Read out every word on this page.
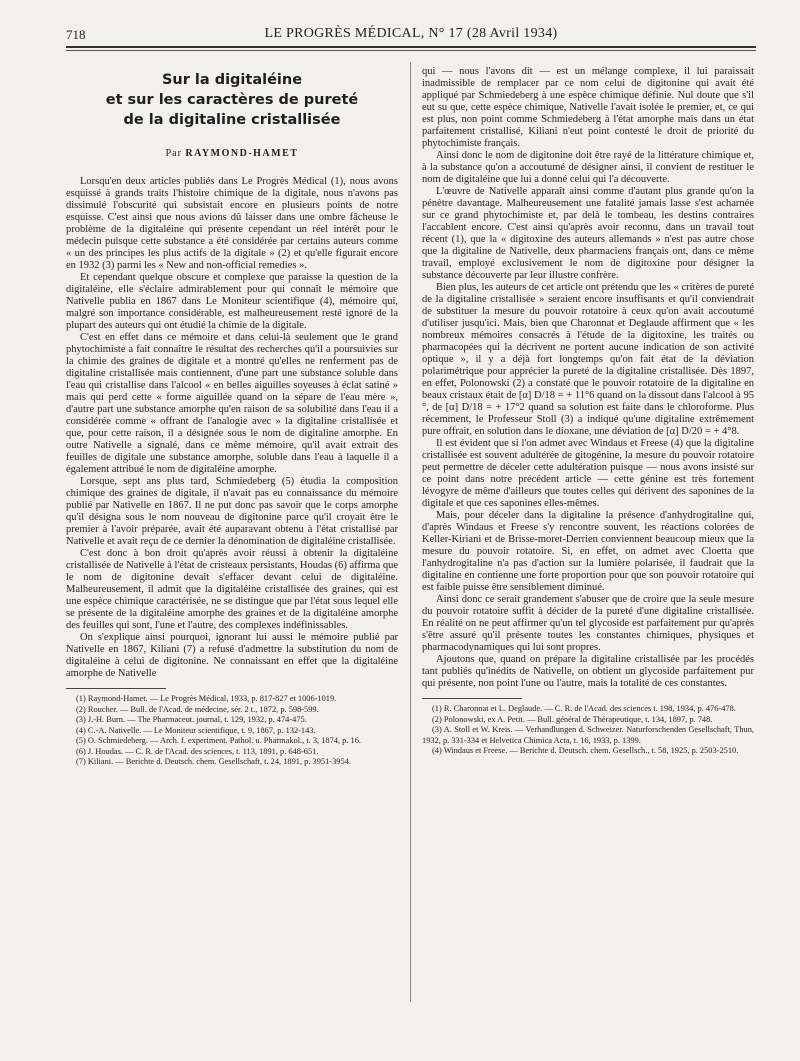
718	LE PROGRÈS MÉDICAL, N° 17 (28 Avril 1934)
Sur la digitaléine
et sur les caractères de pureté
de la digitaline cristallisée
Par RAYMOND-HAMET

Lorsqu'en deux articles publiés dans Le Progrès Médical (1), nous avons esquissé à grands traits l'histoire chimique de la digitale, nous n'avons pas dissimulé l'obscurité qui subsistait encore en plusieurs points de notre esquisse. C'est ainsi que nous avions dû laisser dans une ombre fâcheuse le problème de la digitaléine qui présente cependant un réel intérêt pour le médecin puisque cette substance a été considérée par certains auteurs comme « un des principes les plus actifs de la digitale » (2) et qu'elle figurait encore en 1932 (3) parmi les « New and non-official remedies ».

Et cependant quelque obscure et complexe que paraisse la question de la digitaléine, elle s'éclaire admirablement pour qui connaît le mémoire que Nativelle publia en 1867 dans Le Moniteur scientifique (4), mémoire qui, malgré son importance considérable, est malheureusement resté ignoré de la plupart des auteurs qui ont étudié la chimie de la digitale.

C'est en effet dans ce mémoire et dans celui-là seulement que le grand phytochimiste a fait connaître le résultat des recherches qu'il a poursuivies sur la chimie des graines de digitale et a montré qu'elles ne renferment pas de digitaline cristallisée mais contiennent, d'une part une substance soluble dans l'eau qui cristallise dans l'alcool « en belles aiguilles soyeuses à éclat satiné » mais qui perd cette « forme aiguillée quand on la sépare de l'eau mère », d'autre part une substance amorphe qu'en raison de sa solubilité dans l'eau il a considérée comme « offrant de l'analogie avec » la digitaline cristallisée et que, pour cette raison, il a désignée sous le nom de digitaline amorphe. En outre Nativelle a signalé, dans ce même mémoire, qu'il avait extrait des feuilles de digitale une substance amorphe, soluble dans l'eau à laquelle il a également attribué le nom de digitaléine amorphe.

Lorsque, sept ans plus tard, Schmiedeberg (5) étudia la composition chimique des graines de digitale, il n'avait pas eu connaissance du mémoire publié par Nativelle en 1867. Il ne put donc pas savoir que le corps amorphe qu'il désigna sous le nom nouveau de digitonine parce qu'il croyait être le premier à l'avoir préparée, avait été auparavant obtenu à l'état cristallisé par Nativelle et avait reçu de ce dernier la dénomination de digitaléine cristallisée.

C'est donc à bon droit qu'après avoir réussi à obtenir la digitaléine cristallisée de Nativelle à l'état de cristeaux persistants, Houdas (6) affirma que le nom de digitonine devait s'effacer devant celui de digitaléine. Malheureusement, il admit que la digitaléine cristallisée des graines, qui est une espèce chimique caractérisée, ne se distingue que par l'état sous lequel elle se présente de la digitaléine amorphe des graines et de la digitaléine amorphe des feuilles qui sont, l'une et l'autre, des complexes indéfinissables.

On s'explique ainsi pourquoi, ignorant lui aussi le mémoire publié par Nativelle en 1867, Kiliani (7) a refusé d'admettre la substitution du nom de digitaléine à celui de digitonine. Ne connaissant en effet que la digitaléine amorphe de Nativelle

(1) Raymond-Hamet. — Le Progrès Médical, 1933, p. 817-827 et 1006-1019.

(2) Roucher. — Bull. de l'Acad. de médecine, sér. 2 t., 1872, p. 598-599.

(3) J.-H. Burn. — The Pharmaceut. journal, t. 129, 1932, p. 474-475.

(4) C.-A. Nativelle. — Le Moniteur scientifique, t. 9, 1867, p. 132-143.

(5) O. Schmiedeberg. — Arch. f. experiment. Pathol. u. Pharmakol., t. 3, 1874, p. 16.

(6) J. Houdas. — C. R. de l'Acad. des sciences, t. 113, 1891, p. 648-651.

(7) Kiliani. — Berichte d. Deutsch. chem. Gesellschaft, t. 24, 1891, p. 3951-3954.

qui — nous l'avons dit — est un mélange complexe, il lui paraissait inadmissible de remplacer par ce nom celui de digitonine qui avait été appliqué par Schmiedeberg à une espèce chimique définie. Nul doute que s'il eut su que, cette espèce chimique, Nativelle l'avait isolée le premier, et, ce qui est plus, non point comme Schmiedeberg à l'état amorphe mais dans un état parfaitement cristallisé, Kiliani n'eut point contesté le droit de priorité du phytochimiste français.

Ainsi donc le nom de digitonine doit être rayé de la littérature chimique et, à la substance qu'on a accoutumé de désigner ainsi, il convient de restituer le nom de digitaléine que lui a donné celui qui l'a découverte.

L'œuvre de Nativelle apparaît ainsi comme d'autant plus grande qu'on la pénètre davantage. Malheureusement une fatalité jamais lasse s'est acharnée sur ce grand phytochimiste et, par delà le tombeau, les destins contraires l'accablent encore. C'est ainsi qu'après avoir reconnu, dans un travail tout récent (1), que la « digitoxine des auteurs allemands » n'est pas autre chose que la digitaline de Nativelle, deux pharmaciens français ont, dans ce même travail, employé exclusivement le nom de digitoxine pour désigner la substance découverte par leur illustre confrère.

Bien plus, les auteurs de cet article ont prétendu que les « critères de pureté de la digitaline cristallisée » seraient encore insuffisants et qu'il conviendrait de substituer la mesure du pouvoir rotatoire à ceux qu'on avait accoutumé d'utiliser jusqu'ici. Mais, bien que Charonnat et Deglaude affirment que « les nombreux mémoires consacrés à l'étude de la digitoxine, les traités ou pharmacopées qui la décrivent ne portent aucune indication de son activité optique », il y a déjà fort longtemps qu'on fait état de la déviation polarimétrique pour apprécier la pureté de la digitaline cristallisée. Dès 1897, en effet, Polonowski (2) a constaté que le pouvoir rotatoire de la digitaline en beaux cristaux était de [α] D/18 = + 11°6 quand on la dissout dans l'alcool à 95 °, de [α] D/18 = + 17°2 quand sa solution est faite dans le chloroforme. Plus récemment, le Professeur Stoll (3) a indiqué qu'une digitaline extrêmement pure offrait, en solution dans le dioxane, une déviation de [α] D/20 = + 4°8.

Il est évident que si l'on admet avec Windaus et Freese (4) que la digitaline cristallisée est souvent adultérée de gitogénine, la mesure du pouvoir rotatoire peut permettre de déceler cette adultération puisque — nous avons insisté sur ce point dans notre précédent article — cette génine est très fortement lévogyre de même d'ailleurs que toutes celles qui dérivent des saponines de la digitale et que ces saponines elles-mêmes.

Mais, pour déceler dans la digitaline la présence d'anhydrogitaline qui, d'après Windaus et Freese s'y rencontre souvent, les réactions colorées de Keller-Kiriani et de Brisse-moret-Derrien conviennent beaucoup mieux que la mesure du pouvoir rotatoire. Si, en effet, on admet avec Cloetta que l'anhydrogitaline n'a pas d'action sur la lumière polarisée, il faudrait que la digitaline en contienne une forte proportion pour que son pouvoir rotatoire qui est faible puisse être sensiblement diminué.

Ainsi donc ce serait grandement s'abuser que de croire que la seule mesure du pouvoir rotatoire suffit à décider de la pureté d'une digitaline cristallisée. En réalité on ne peut affirmer qu'un tel glycoside est parfaitement pur qu'après s'être assuré qu'il présente toutes les constantes chimiques, physiques et pharmacodynamiques qui lui sont propres.

Ajoutons que, quand on prépare la digitaline cristallisée par les procédés tant publiés qu'inédits de Nativelle, on obtient un glycoside parfaitement pur qui présente, non point l'une ou l'autre, mais la totalité de ces constantes.

(1) R. Charonnat et L. Deglaude. — C. R. de l'Acad. des sciences t. 198, 1934, p. 476-478.

(2) Polonowski, ex A. Petit. — Bull. général de Thérapeutique, t. 134, 1897, p. 748.

(3) A. Stoll et W. Kreis. — Verhandlungen d. Schweizer. Naturforschenden Gesellschaft, Thun, 1932, p. 331-334 et Helvetica Chimica Acta, t. 16, 1933, p. 1399.

(4) Windaus et Freese. — Berichte d. Deutsch. chem. Gesellsch., t. 58, 1925, p. 2503-2510.
